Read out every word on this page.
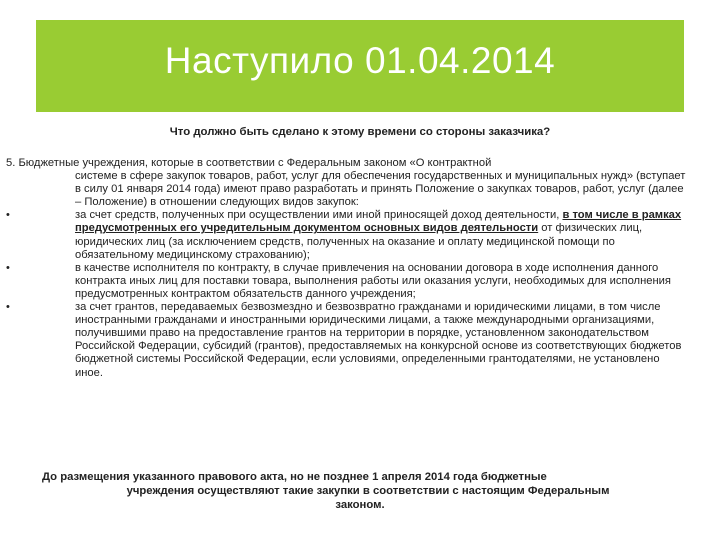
Наступило 01.04.2014
Что должно быть сделано к этому времени со стороны заказчика?

5. Бюджетные учреждения, которые в соответствии с Федеральным законом «О контрактной
системе в сфере закупок товаров, работ, услуг для обеспечения государственных и муниципальных нужд» (вступает в силу 01 января 2014 года) имеют право разработать и принять Положение о закупках товаров, работ, услуг (далее – Положение) в отношении следующих видов закупок:

•	за счет средств, полученных при осуществлении ими иной приносящей доход деятельности, в том числе в рамках предусмотренных его учредительным документом основных видов деятельности от физических лиц, юридических лиц (за исключением средств, полученных на оказание и оплату медицинской помощи по обязательному медицинскому страхованию);
•	в качестве исполнителя по контракту, в случае привлечения на основании договора в ходе исполнения данного контракта иных лиц для поставки товара, выполнения работы или оказания услуги, необходимых для исполнения предусмотренных контрактом обязательств данного учреждения;
•	за счет грантов, передаваемых безвозмездно и безвозвратно гражданами и юридическими лицами, в том числе иностранными гражданами и иностранными юридическими лицами, а также международными организациями, получившими право на предоставление грантов на территории в порядке, установленном законодательством Российской Федерации, субсидий (грантов), предоставляемых на конкурсной основе из соответствующих бюджетов бюджетной системы Российской Федерации, если условиями, определенными грантодателями, не установлено иное.
До размещения указанного правового акта, но не позднее 1 апреля 2014 года бюджетные
учреждения осуществляют такие закупки в соответствии с настоящим Федеральным
законом.
